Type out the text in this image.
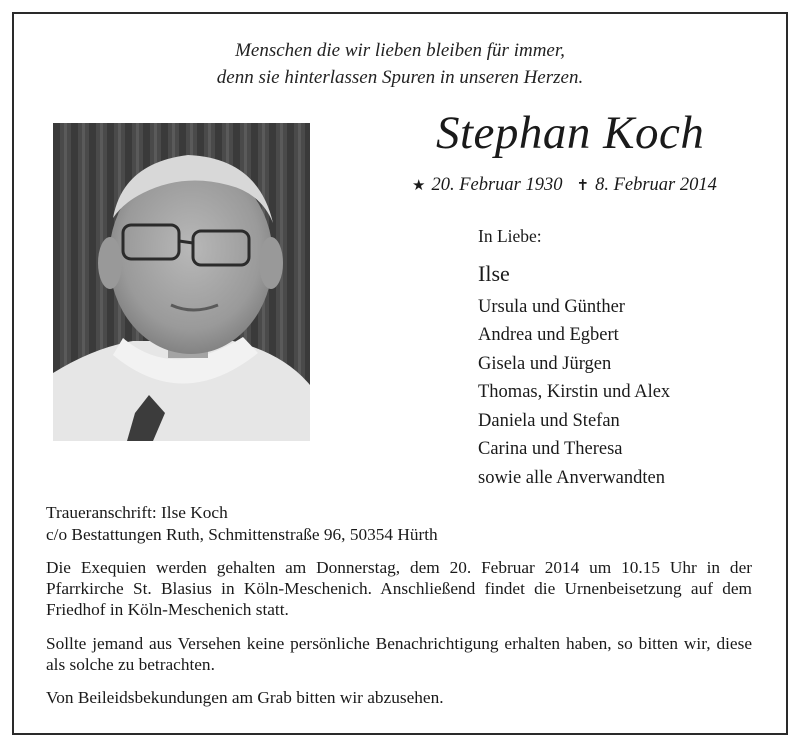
Menschen die wir lieben bleiben für immer,
denn sie hinterlassen Spuren in unseren Herzen.
Stephan Koch
★ 20. Februar 1930 ✝ 8. Februar 2014
In Liebe:
Ilse
Ursula und Günther
Andrea und Egbert
Gisela und Jürgen
Thomas, Kirstin und Alex
Daniela und Stefan
Carina und Theresa
sowie alle Anverwandten
Traueranschrift: Ilse Koch
c/o Bestattungen Ruth, Schmittenstraße 96, 50354 Hürth
Die Exequien werden gehalten am Donnerstag, dem 20. Februar 2014 um 10.15 Uhr in der Pfarrkirche St. Blasius in Köln-Meschenich. Anschließend findet die Urnenbeisetzung auf dem Friedhof in Köln-Meschenich statt.
Sollte jemand aus Versehen keine persönliche Benachrichtigung erhalten haben, so bitten wir, diese als solche zu betrachten.
Von Beileidsbekundungen am Grab bitten wir abzusehen.
